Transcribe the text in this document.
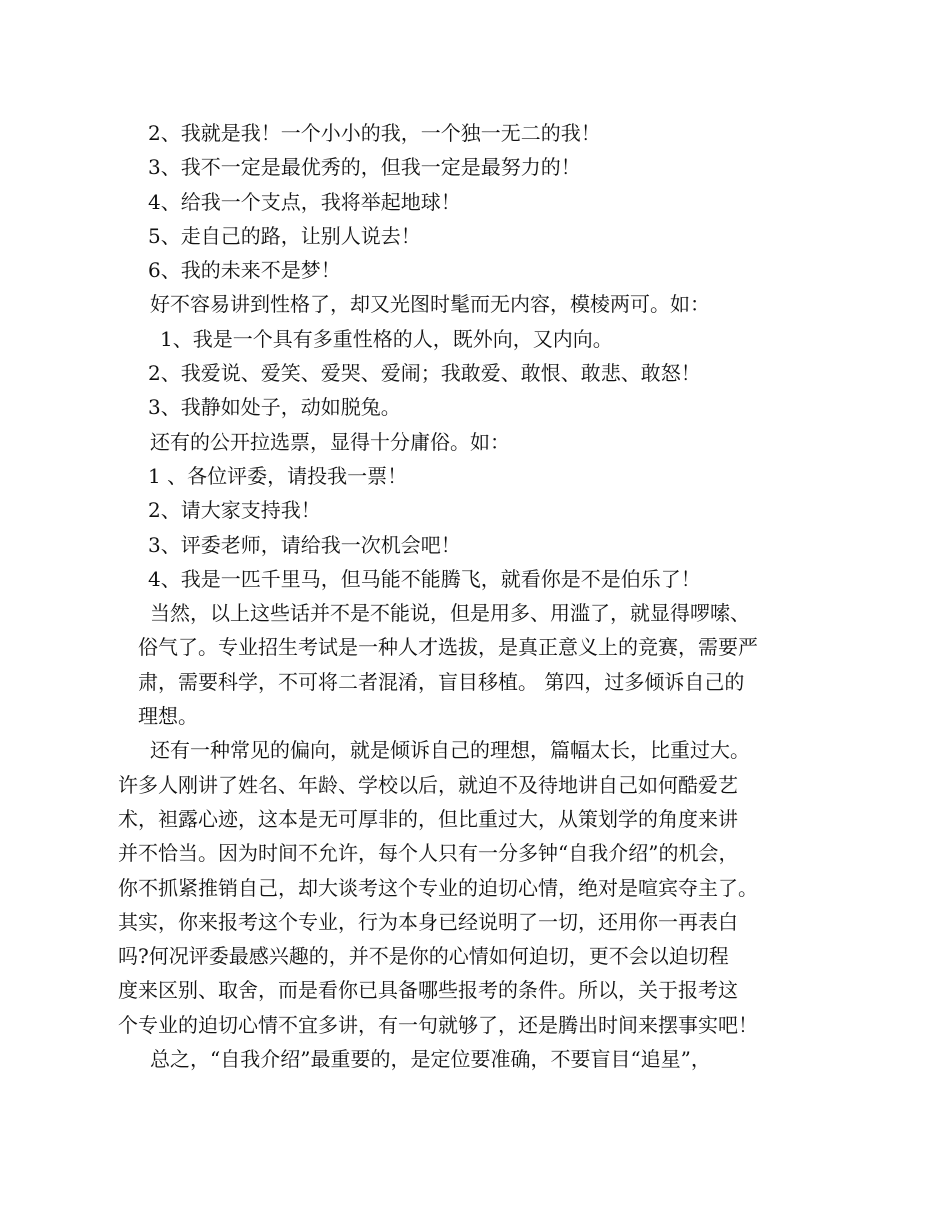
2、我就是我！一个小小的我，一个独一无二的我！
3、我不一定是最优秀的，但我一定是最努力的！
4、给我一个支点，我将举起地球！
5、走自己的路，让别人说去！
6、我的未来不是梦！
好不容易讲到性格了，却又光图时髦而无内容，模棱两可。如：
1、我是一个具有多重性格的人，既外向，又内向。
2、我爱说、爱笑、爱哭、爱闹；我敢爱、敢恨、敢悲、敢怒！
3、我静如处子，动如脱兔。
还有的公开拉选票，显得十分庸俗。如：
1 、各位评委，请投我一票！
2、请大家支持我！
3、评委老师，请给我一次机会吧！
4、我是一匹千里马，但马能不能腾飞，就看你是不是伯乐了！
当然，以上这些话并不是不能说，但是用多、用滥了，就显得啰嗦、
俗气了。专业招生考试是一种人才选拔，是真正意义上的竞赛，需要严
肃，需要科学，不可将二者混淆，盲目移植。 第四，过多倾诉自己的
理想。
还有一种常见的偏向，就是倾诉自己的理想，篇幅太长，比重过大。
许多人刚讲了姓名、年龄、学校以后，就迫不及待地讲自己如何酷爱艺
术，袒露心迹，这本是无可厚非的，但比重过大，从策划学的角度来讲
并不恰当。因为时间不允许，每个人只有一分多钟“自我介绍”的机会，
你不抓紧推销自己，却大谈考这个专业的迫切心情，绝对是喧宾夺主了。
其实，你来报考这个专业，行为本身已经说明了一切，还用你一再表白
吗?何况评委最感兴趣的，并不是你的心情如何迫切，更不会以迫切程
度来区别、取舍，而是看你已具备哪些报考的条件。所以，关于报考这
个专业的迫切心情不宜多讲，有一句就够了，还是腾出时间来摆事实吧！
总之，“自我介绍”最重要的，是定位要准确，不要盲目“追星”，
